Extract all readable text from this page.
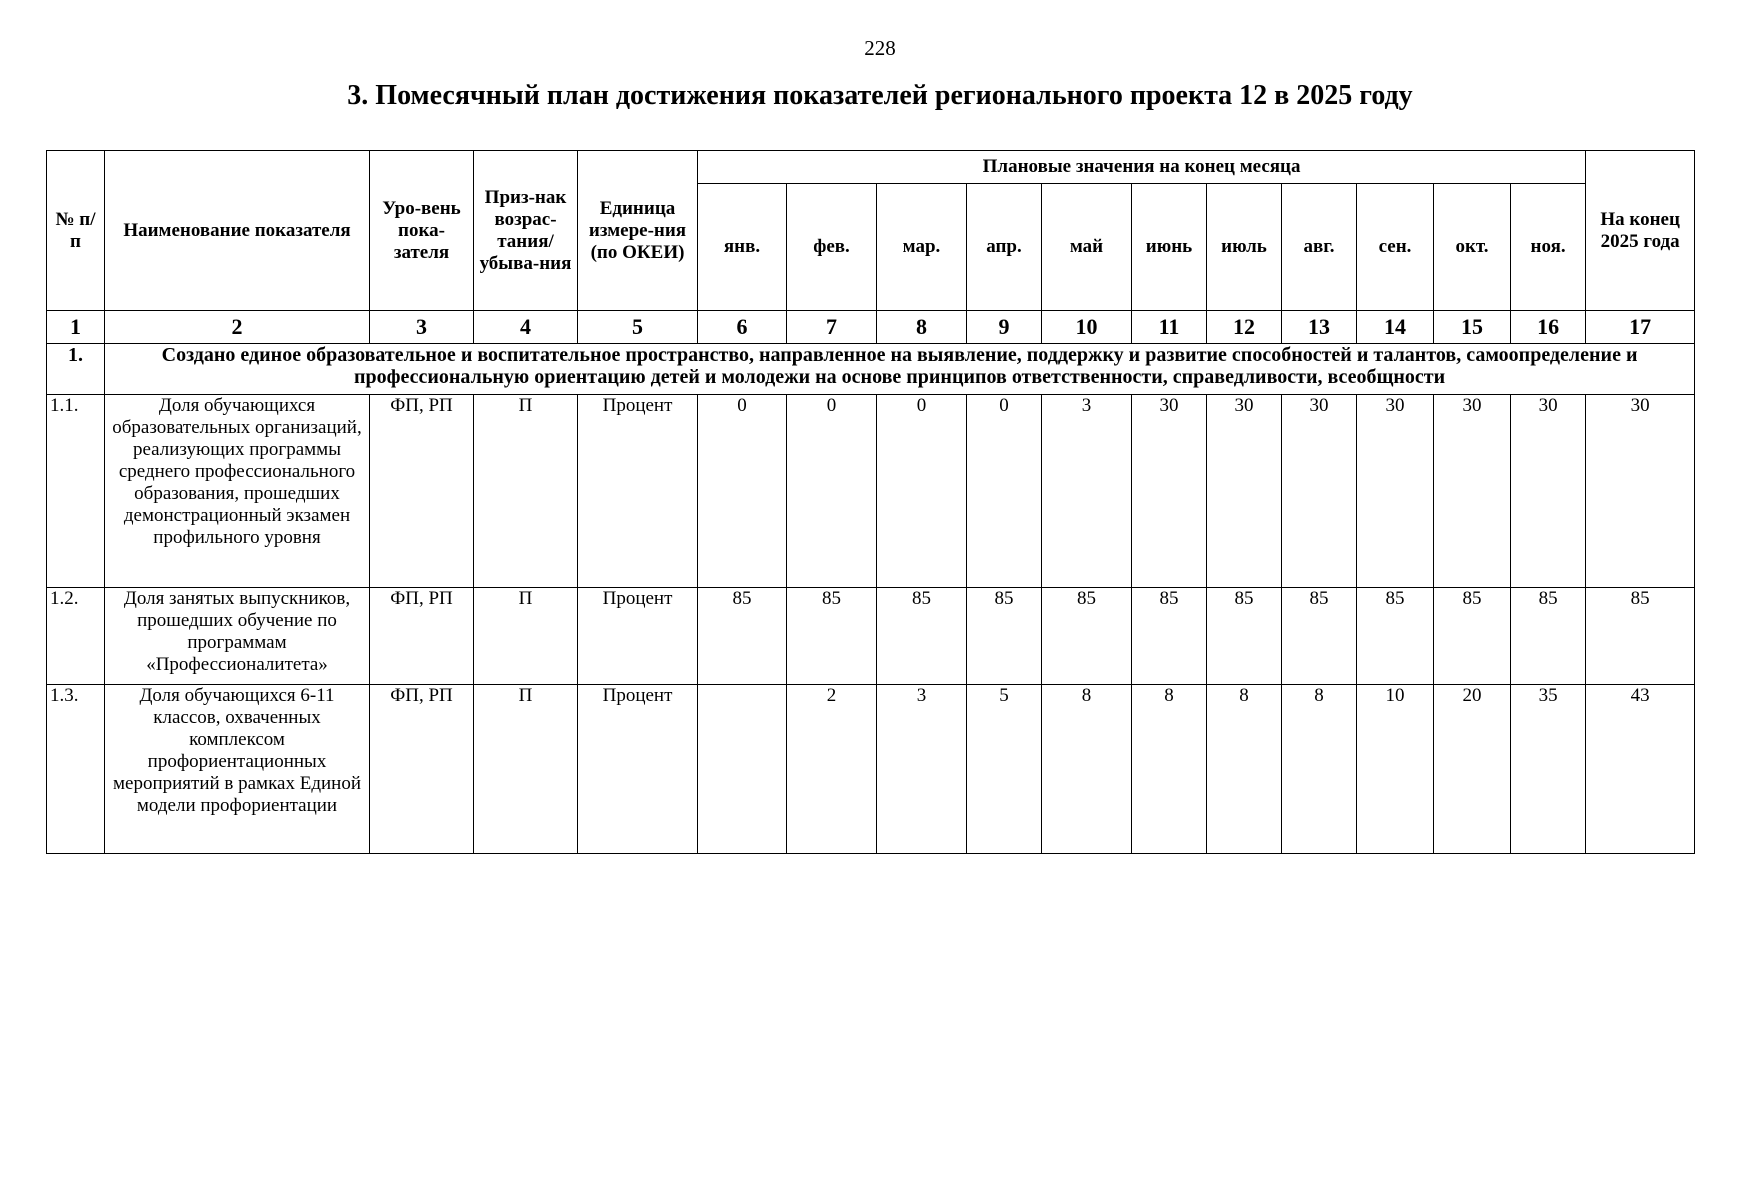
228
3. Помесячный план достижения показателей регионального проекта 12 в 2025 году
№ п/п	Наименование показателя	Уро-вень пока-зателя	Приз-нак возрас-тания/ убыва-ния	Единица измере-ния (по ОКЕИ)	Плановые значения на конец месяца											На конец 2025 года
					янв.	фев.	мар.	апр.	май	июнь	июль	авг.	сен.	окт.	ноя.	
1	2	3	4	5	6	7	8	9	10	11	12	13	14	15	16	17
1.	Создано единое образовательное и воспитательное пространство, направленное на выявление, поддержку и развитие способностей и талантов, самоопределение и профессиональную ориентацию детей и молодежи на основе принципов ответственности, справедливости, всеобщности															
1.1.	Доля обучающихся образовательных организаций, реализующих программы среднего профессионального образования, прошедших демонстрационный экзамен профильного уровня	ФП, РП	П	Процент	0	0	0	0	3	30	30	30	30	30	30	30
1.2.	Доля занятых выпускников, прошедших обучение по программам «Профессионалитета»	ФП, РП	П	Процент	85	85	85	85	85	85	85	85	85	85	85	85
1.3.	Доля обучающихся 6-11 классов, охваченных комплексом профориентационных мероприятий в рамках Единой модели профориентации	ФП, РП	П	Процент		2	3	5	8	8	8	8	10	20	35	43
